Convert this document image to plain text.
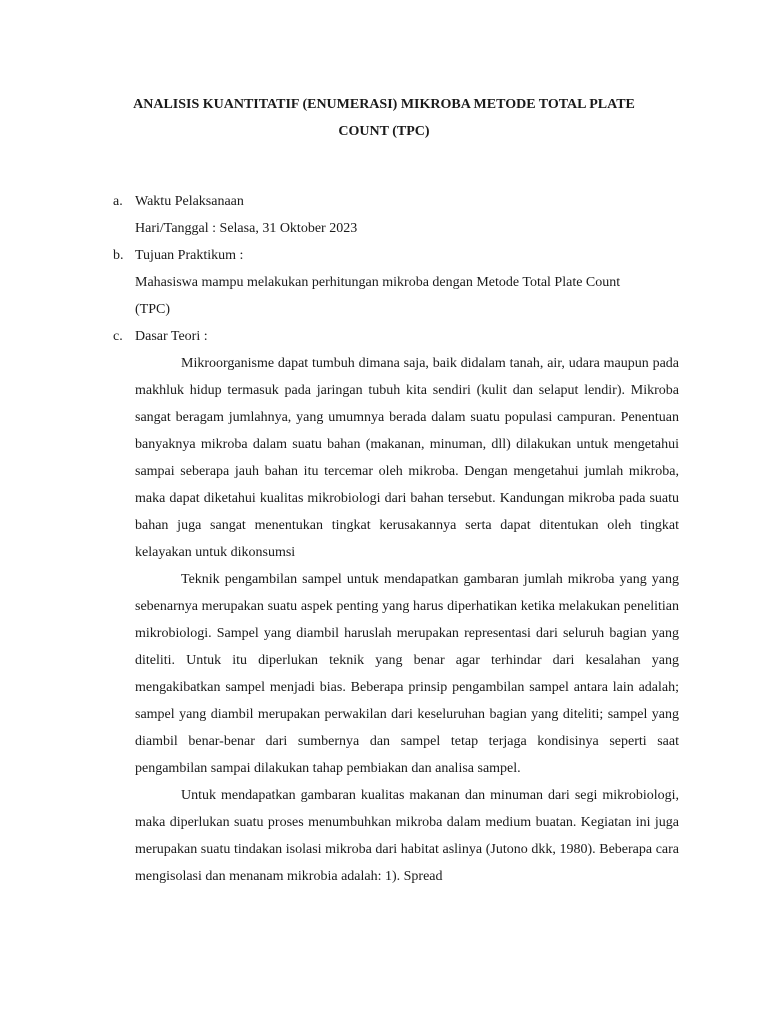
ANALISIS KUANTITATIF (ENUMERASI) MIKROBA METODE TOTAL PLATE
COUNT (TPC)
a. Waktu Pelaksanaan
Hari/Tanggal : Selasa, 31 Oktober 2023
b. Tujuan Praktikum :
Mahasiswa mampu melakukan perhitungan mikroba dengan Metode Total Plate Count
(TPC)
c. Dasar Teori :
Mikroorganisme dapat tumbuh dimana saja, baik didalam tanah, air, udara maupun pada makhluk hidup termasuk pada jaringan tubuh kita sendiri (kulit dan selaput lendir). Mikroba sangat beragam jumlahnya, yang umumnya berada dalam suatu populasi campuran. Penentuan banyaknya mikroba dalam suatu bahan (makanan, minuman, dll) dilakukan untuk mengetahui sampai seberapa jauh bahan itu tercemar oleh mikroba. Dengan mengetahui jumlah mikroba, maka dapat diketahui kualitas mikrobiologi dari bahan tersebut. Kandungan mikroba pada suatu bahan juga sangat menentukan tingkat kerusakannya serta dapat ditentukan oleh tingkat kelayakan untuk dikonsumsi
Teknik pengambilan sampel untuk mendapatkan gambaran jumlah mikroba yang yang sebenarnya merupakan suatu aspek penting yang harus diperhatikan ketika melakukan penelitian mikrobiologi. Sampel yang diambil haruslah merupakan representasi dari seluruh bagian yang diteliti. Untuk itu diperlukan teknik yang benar agar terhindar dari kesalahan yang mengakibatkan sampel menjadi bias. Beberapa prinsip pengambilan sampel antara lain adalah; sampel yang diambil merupakan perwakilan dari keseluruhan bagian yang diteliti; sampel yang diambil benar-benar dari sumbernya dan sampel tetap terjaga kondisinya seperti saat pengambilan sampai dilakukan tahap pembiakan dan analisa sampel.
Untuk mendapatkan gambaran kualitas makanan dan minuman dari segi mikrobiologi, maka diperlukan suatu proses menumbuhkan mikroba dalam medium buatan. Kegiatan ini juga merupakan suatu tindakan isolasi mikroba dari habitat aslinya (Jutono dkk, 1980). Beberapa cara mengisolasi dan menanam mikrobia adalah: 1). Spread
